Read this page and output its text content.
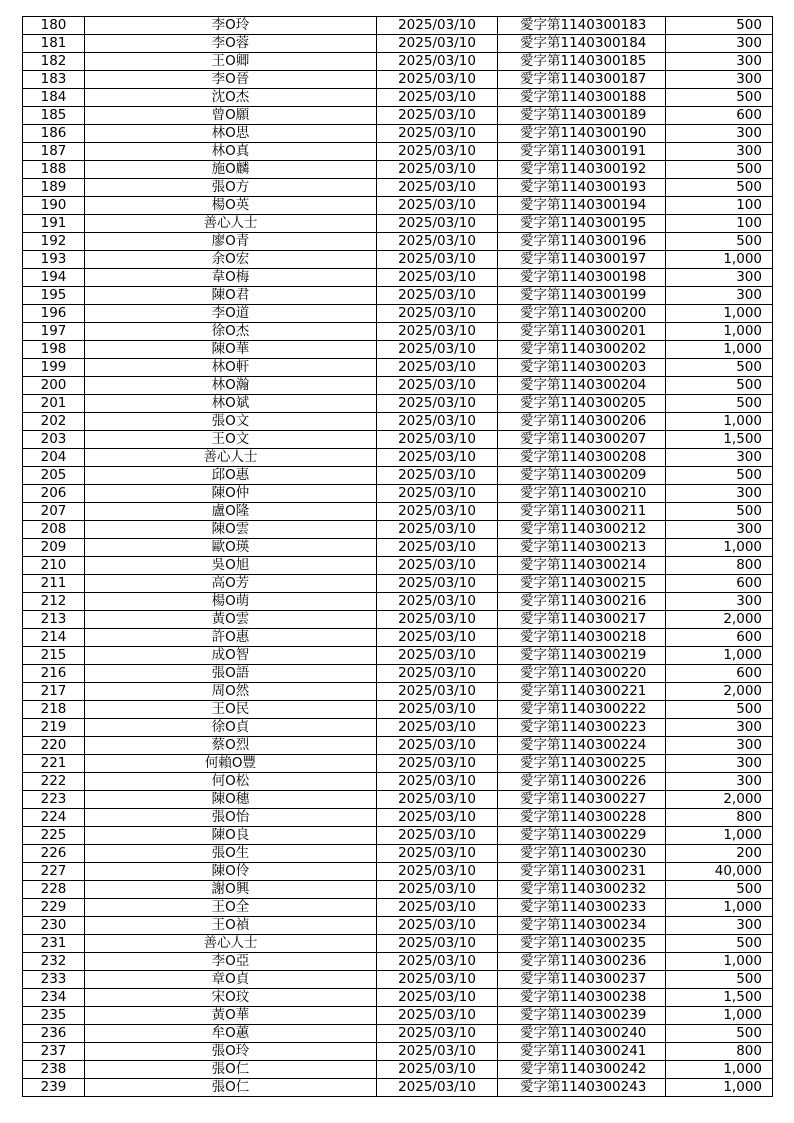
180	李O玲	2025/03/10	愛字第1140300183	500
181	李O蓉	2025/03/10	愛字第1140300184	300
182	王O卿	2025/03/10	愛字第1140300185	300
183	李O晉	2025/03/10	愛字第1140300187	300
184	沈O杰	2025/03/10	愛字第1140300188	500
185	曾O願	2025/03/10	愛字第1140300189	600
186	林O思	2025/03/10	愛字第1140300190	300
187	林O真	2025/03/10	愛字第1140300191	300
188	施O麟	2025/03/10	愛字第1140300192	500
189	張O方	2025/03/10	愛字第1140300193	500
190	楊O英	2025/03/10	愛字第1140300194	100
191	善心人士	2025/03/10	愛字第1140300195	100
192	廖O青	2025/03/10	愛字第1140300196	500
193	余O宏	2025/03/10	愛字第1140300197	1,000
194	韋O梅	2025/03/10	愛字第1140300198	300
195	陳O君	2025/03/10	愛字第1140300199	300
196	李O道	2025/03/10	愛字第1140300200	1,000
197	徐O杰	2025/03/10	愛字第1140300201	1,000
198	陳O華	2025/03/10	愛字第1140300202	1,000
199	林O軒	2025/03/10	愛字第1140300203	500
200	林O瀚	2025/03/10	愛字第1140300204	500
201	林O斌	2025/03/10	愛字第1140300205	500
202	張O文	2025/03/10	愛字第1140300206	1,000
203	王O文	2025/03/10	愛字第1140300207	1,500
204	善心人士	2025/03/10	愛字第1140300208	300
205	邱O惠	2025/03/10	愛字第1140300209	500
206	陳O仲	2025/03/10	愛字第1140300210	300
207	盧O隆	2025/03/10	愛字第1140300211	500
208	陳O雲	2025/03/10	愛字第1140300212	300
209	歐O瑛	2025/03/10	愛字第1140300213	1,000
210	吳O旭	2025/03/10	愛字第1140300214	800
211	高O芳	2025/03/10	愛字第1140300215	600
212	楊O萌	2025/03/10	愛字第1140300216	300
213	黃O雲	2025/03/10	愛字第1140300217	2,000
214	許O惠	2025/03/10	愛字第1140300218	600
215	成O智	2025/03/10	愛字第1140300219	1,000
216	張O語	2025/03/10	愛字第1140300220	600
217	周O然	2025/03/10	愛字第1140300221	2,000
218	王O民	2025/03/10	愛字第1140300222	500
219	徐O貞	2025/03/10	愛字第1140300223	300
220	蔡O烈	2025/03/10	愛字第1140300224	300
221	何賴O豐	2025/03/10	愛字第1140300225	300
222	何O松	2025/03/10	愛字第1140300226	300
223	陳O穗	2025/03/10	愛字第1140300227	2,000
224	張O怡	2025/03/10	愛字第1140300228	800
225	陳O良	2025/03/10	愛字第1140300229	1,000
226	張O生	2025/03/10	愛字第1140300230	200
227	陳O伶	2025/03/10	愛字第1140300231	40,000
228	謝O興	2025/03/10	愛字第1140300232	500
229	王O全	2025/03/10	愛字第1140300233	1,000
230	王O禎	2025/03/10	愛字第1140300234	300
231	善心人士	2025/03/10	愛字第1140300235	500
232	李O亞	2025/03/10	愛字第1140300236	1,000
233	章O貞	2025/03/10	愛字第1140300237	500
234	宋O玟	2025/03/10	愛字第1140300238	1,500
235	黃O華	2025/03/10	愛字第1140300239	1,000
236	牟O蕙	2025/03/10	愛字第1140300240	500
237	張O玲	2025/03/10	愛字第1140300241	800
238	張O仁	2025/03/10	愛字第1140300242	1,000
239	張O仁	2025/03/10	愛字第1140300243	1,000
